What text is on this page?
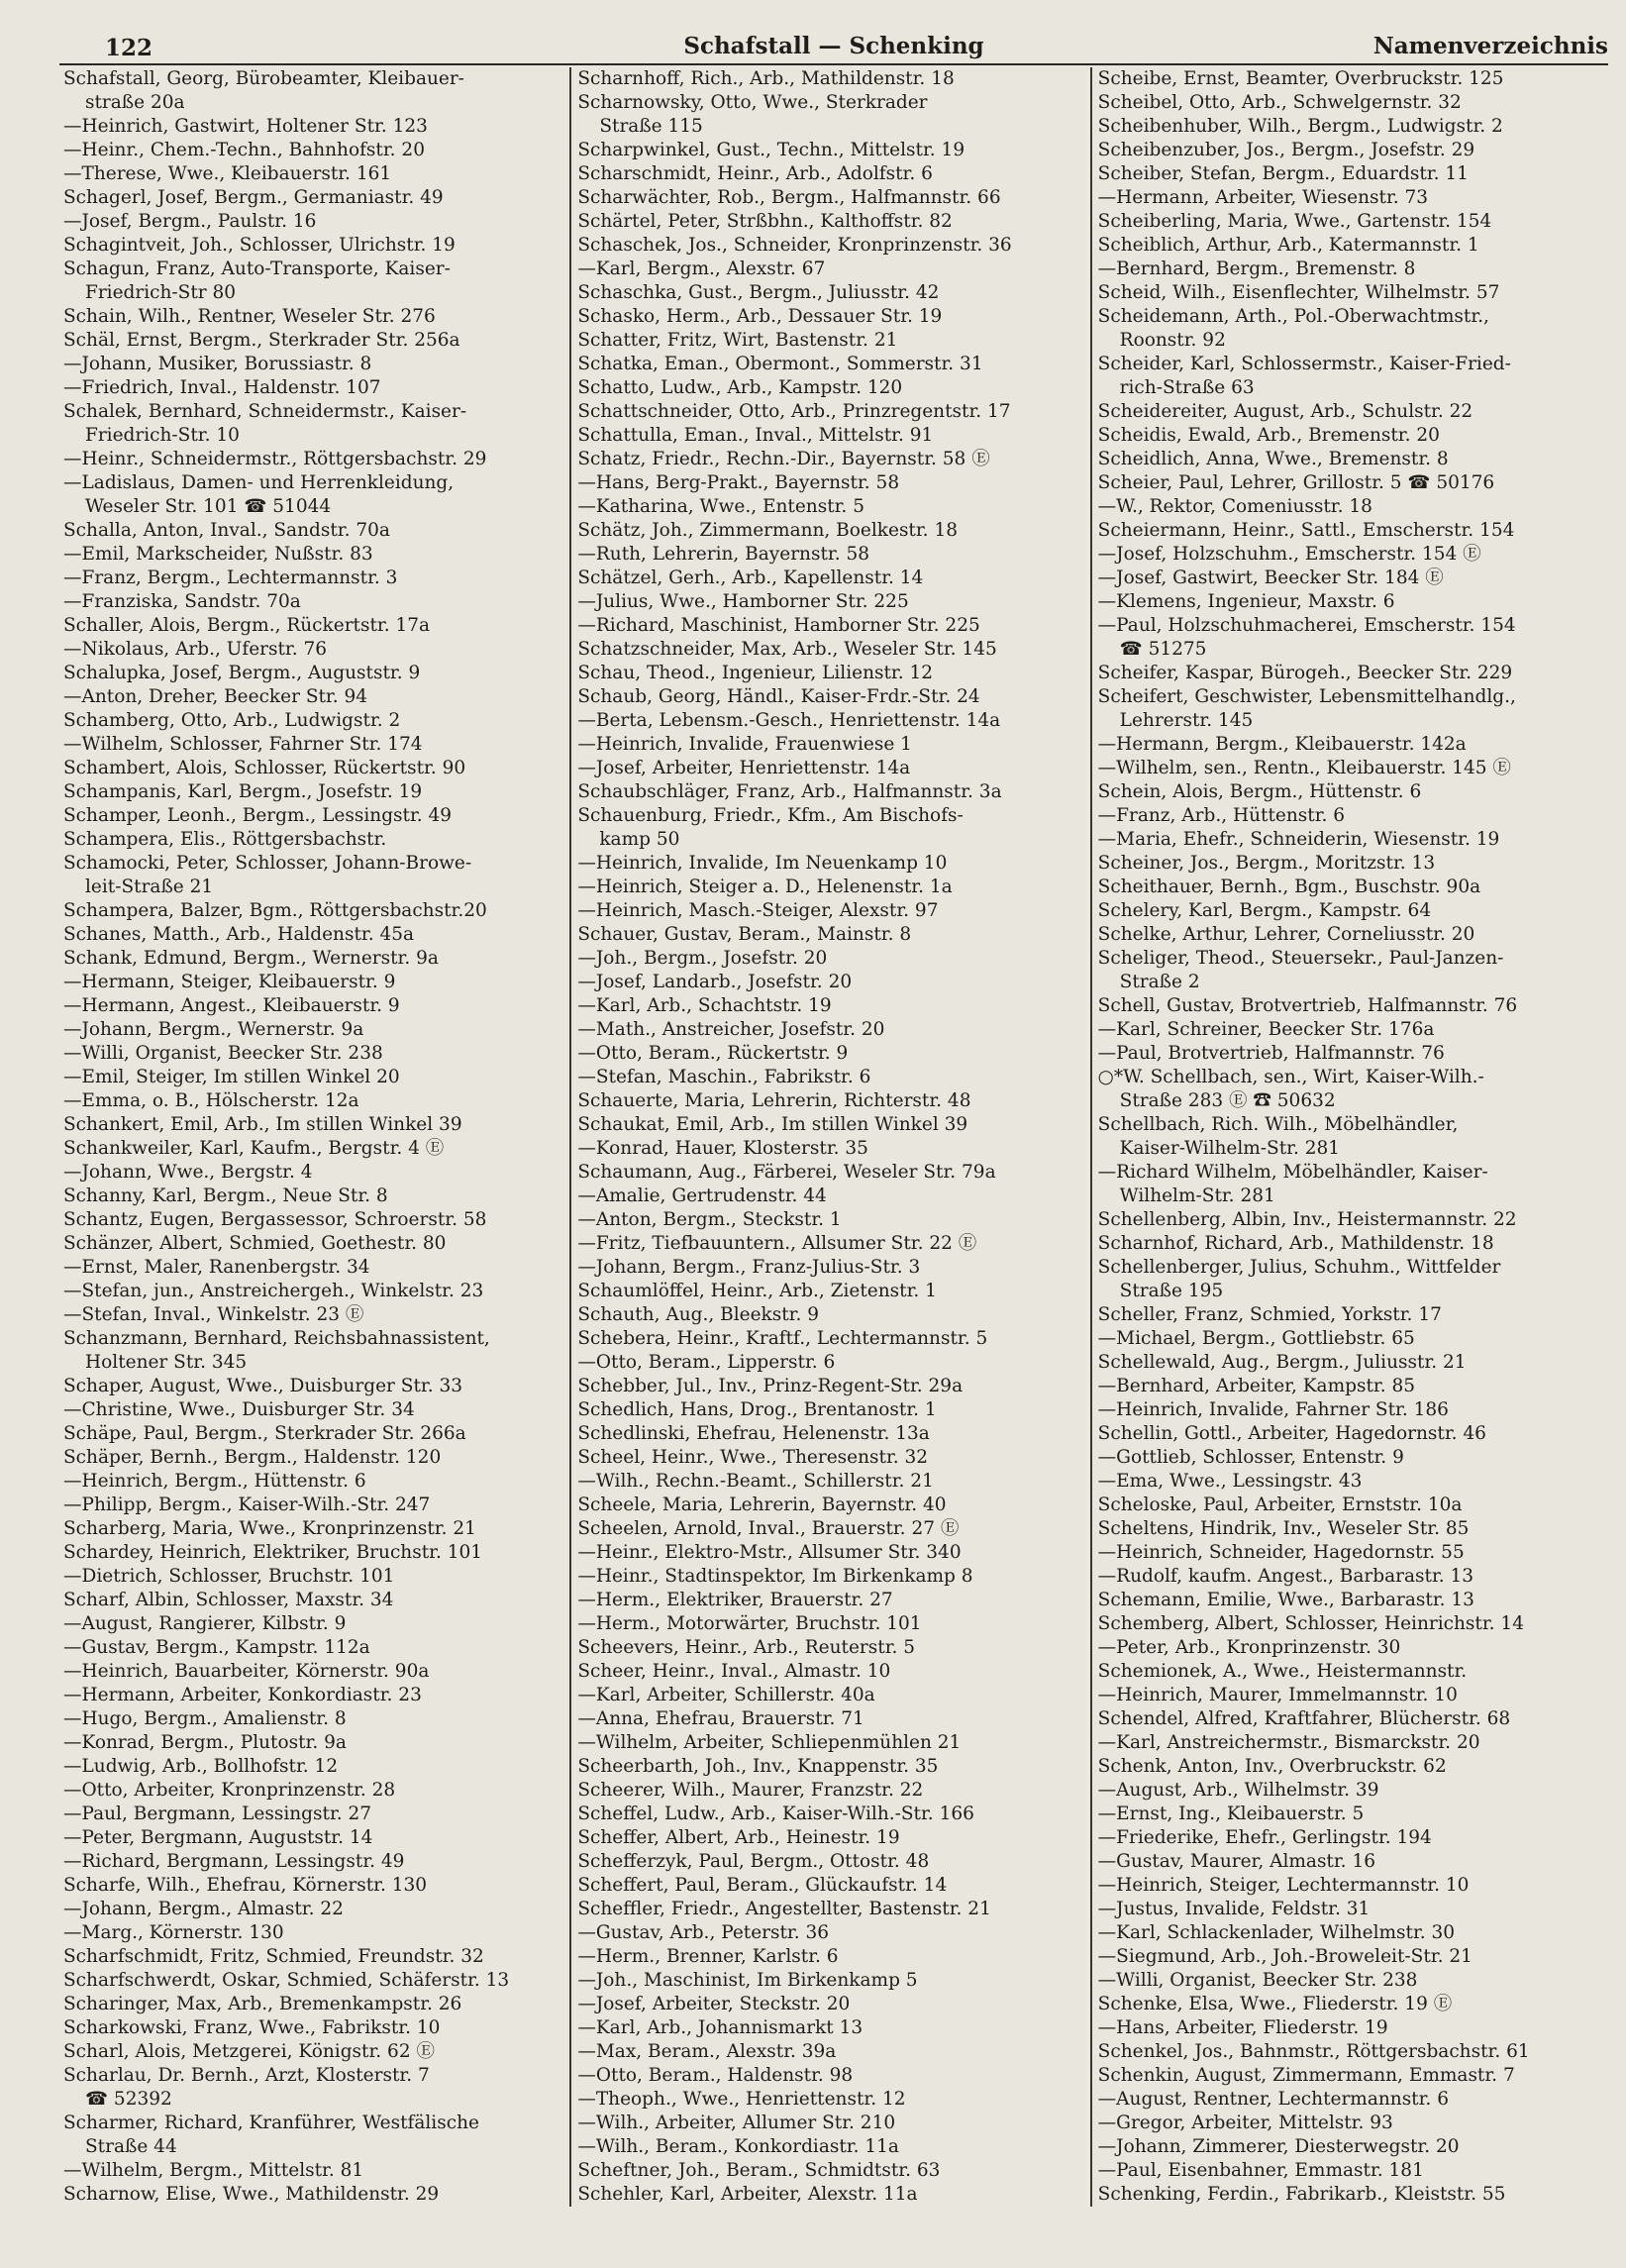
122	Schafstall — Schenking	Namenverzeichnis
Schafstall, Georg, Bürobeamter, Kleibauer-
straße 20a
—Heinrich, Gastwirt, Holtener Str. 123
—Heinr., Chem.-Techn., Bahnhofstr. 20
—Therese, Wwe., Kleibauerstr. 161
Schagerl, Josef, Bergm., Germaniastr. 49
—Josef, Bergm., Paulstr. 16
Schagintveit, Joh., Schlosser, Ulrichstr. 19
Schagun, Franz, Auto-Transporte, Kaiser-
Friedrich-Str 80
Schain, Wilh., Rentner, Weseler Str. 276
Schäl, Ernst, Bergm., Sterkrader Str. 256a
—Johann, Musiker, Borussiastr. 8
—Friedrich, Inval., Haldenstr. 107
Schalek, Bernhard, Schneidermstr., Kaiser-
Friedrich-Str. 10
—Heinr., Schneidermstr., Röttgersbachstr. 29
—Ladislaus, Damen- und Herrenkleidung,
Weseler Str. 101 ☎ 51044
Schalla, Anton, Inval., Sandstr. 70a
—Emil, Markscheider, Nußstr. 83
—Franz, Bergm., Lechtermannstr. 3
—Franziska, Sandstr. 70a
Schaller, Alois, Bergm., Rückertstr. 17a
—Nikolaus, Arb., Uferstr. 76
Schalupka, Josef, Bergm., Auguststr. 9
—Anton, Dreher, Beecker Str. 94
Schamberg, Otto, Arb., Ludwigstr. 2
—Wilhelm, Schlosser, Fahrner Str. 174
Schambert, Alois, Schlosser, Rückertstr. 90
Schampanis, Karl, Bergm., Josefstr. 19
Schamper, Leonh., Bergm., Lessingstr. 49
Schampera, Elis., Röttgersbachstr.
Schamocki, Peter, Schlosser, Johann-Browe-
leit-Straße 21
Schampera, Balzer, Bgm., Röttgersbachstr.20
Schanes, Matth., Arb., Haldenstr. 45a
Schank, Edmund, Bergm., Wernerstr. 9a
—Hermann, Steiger, Kleibauerstr. 9
—Hermann, Angest., Kleibauerstr. 9
—Johann, Bergm., Wernerstr. 9a
—Willi, Organist, Beecker Str. 238
—Emil, Steiger, Im stillen Winkel 20
—Emma, o. B., Hölscherstr. 12a
Schankert, Emil, Arb., Im stillen Winkel 39
Schankweiler, Karl, Kaufm., Bergstr. 4 Ⓔ
—Johann, Wwe., Bergstr. 4
Schanny, Karl, Bergm., Neue Str. 8
Schantz, Eugen, Bergassessor, Schroerstr. 58
Schänzer, Albert, Schmied, Goethestr. 80
—Ernst, Maler, Ranenbergstr. 34
—Stefan, jun., Anstreichergeh., Winkelstr. 23
—Stefan, Inval., Winkelstr. 23 Ⓔ
Schanzmann, Bernhard, Reichsbahnassistent,
Holtener Str. 345
Schaper, August, Wwe., Duisburger Str. 33
—Christine, Wwe., Duisburger Str. 34
Schäpe, Paul, Bergm., Sterkrader Str. 266a
Schäper, Bernh., Bergm., Haldenstr. 120
—Heinrich, Bergm., Hüttenstr. 6
—Philipp, Bergm., Kaiser-Wilh.-Str. 247
Scharberg, Maria, Wwe., Kronprinzenstr. 21
Schardey, Heinrich, Elektriker, Bruchstr. 101
—Dietrich, Schlosser, Bruchstr. 101
Scharf, Albin, Schlosser, Maxstr. 34
—August, Rangierer, Kilbstr. 9
—Gustav, Bergm., Kampstr. 112a
—Heinrich, Bauarbeiter, Körnerstr. 90a
—Hermann, Arbeiter, Konkordiastr. 23
—Hugo, Bergm., Amalienstr. 8
—Konrad, Bergm., Plutostr. 9a
—Ludwig, Arb., Bollhofstr. 12
—Otto, Arbeiter, Kronprinzenstr. 28
—Paul, Bergmann, Lessingstr. 27
—Peter, Bergmann, Auguststr. 14
—Richard, Bergmann, Lessingstr. 49
Scharfe, Wilh., Ehefrau, Körnerstr. 130
—Johann, Bergm., Almastr. 22
—Marg., Körnerstr. 130
Scharfschmidt, Fritz, Schmied, Freundstr. 32
Scharfschwerdt, Oskar, Schmied, Schäferstr. 13
Scharinger, Max, Arb., Bremenkampstr. 26
Scharkowski, Franz, Wwe., Fabrikstr. 10
Scharl, Alois, Metzgerei, Königstr. 62 Ⓔ
Scharlau, Dr. Bernh., Arzt, Klosterstr. 7
☎ 52392
Scharmer, Richard, Kranführer, Westfälische
Straße 44
—Wilhelm, Bergm., Mittelstr. 81
Scharnow, Elise, Wwe., Mathildenstr. 29
Scharnhoff, Rich., Arb., Mathildenstr. 18
Scharnowsky, Otto, Wwe., Sterkrader
Straße 115
Scharpwinkel, Gust., Techn., Mittelstr. 19
Scharschmidt, Heinr., Arb., Adolfstr. 6
Scharwächter, Rob., Bergm., Halfmannstr. 66
Schärtel, Peter, Strßbhn., Kalthoffstr. 82
Schaschek, Jos., Schneider, Kronprinzenstr. 36
—Karl, Bergm., Alexstr. 67
Schaschka, Gust., Bergm., Juliusstr. 42
Schasko, Herm., Arb., Dessauer Str. 19
Schatter, Fritz, Wirt, Bastenstr. 21
Schatka, Eman., Obermont., Sommerstr. 31
Schatto, Ludw., Arb., Kampstr. 120
Schattschneider, Otto, Arb., Prinzregentstr. 17
Schattulla, Eman., Inval., Mittelstr. 91
Schatz, Friedr., Rechn.-Dir., Bayernstr. 58 Ⓔ
—Hans, Berg-Prakt., Bayernstr. 58
—Katharina, Wwe., Entenstr. 5
Schätz, Joh., Zimmermann, Boelkestr. 18
—Ruth, Lehrerin, Bayernstr. 58
Schätzel, Gerh., Arb., Kapellenstr. 14
—Julius, Wwe., Hamborner Str. 225
—Richard, Maschinist, Hamborner Str. 225
Schatzschneider, Max, Arb., Weseler Str. 145
Schau, Theod., Ingenieur, Lilienstr. 12
Schaub, Georg, Händl., Kaiser-Frdr.-Str. 24
—Berta, Lebensm.-Gesch., Henriettenstr. 14a
—Heinrich, Invalide, Frauenwiese 1
—Josef, Arbeiter, Henriettenstr. 14a
Schaubschläger, Franz, Arb., Halfmannstr. 3a
Schauenburg, Friedr., Kfm., Am Bischofs-
kamp 50
—Heinrich, Invalide, Im Neuenkamp 10
—Heinrich, Steiger a. D., Helenenstr. 1a
—Heinrich, Masch.-Steiger, Alexstr. 97
Schauer, Gustav, Beram., Mainstr. 8
—Joh., Bergm., Josefstr. 20
—Josef, Landarb., Josefstr. 20
—Karl, Arb., Schachtstr. 19
—Math., Anstreicher, Josefstr. 20
—Otto, Beram., Rückertstr. 9
—Stefan, Maschin., Fabrikstr. 6
Schauerte, Maria, Lehrerin, Richterstr. 48
Schaukat, Emil, Arb., Im stillen Winkel 39
—Konrad, Hauer, Klosterstr. 35
Schaumann, Aug., Färberei, Weseler Str. 79a
—Amalie, Gertrudenstr. 44
—Anton, Bergm., Steckstr. 1
—Fritz, Tiefbauuntern., Allsumer Str. 22 Ⓔ
—Johann, Bergm., Franz-Julius-Str. 3
Schaumlöffel, Heinr., Arb., Zietenstr. 1
Schauth, Aug., Bleekstr. 9
Schebera, Heinr., Kraftf., Lechtermannstr. 5
—Otto, Beram., Lipperstr. 6
Schebber, Jul., Inv., Prinz-Regent-Str. 29a
Schedlich, Hans, Drog., Brentanostr. 1
Schedlinski, Ehefrau, Helenenstr. 13a
Scheel, Heinr., Wwe., Theresenstr. 32
—Wilh., Rechn.-Beamt., Schillerstr. 21
Scheele, Maria, Lehrerin, Bayernstr. 40
Scheelen, Arnold, Inval., Brauerstr. 27 Ⓔ
—Heinr., Elektro-Mstr., Allsumer Str. 340
—Heinr., Stadtinspektor, Im Birkenkamp 8
—Herm., Elektriker, Brauerstr. 27
—Herm., Motorwärter, Bruchstr. 101
Scheevers, Heinr., Arb., Reuterstr. 5
Scheer, Heinr., Inval., Almastr. 10
—Karl, Arbeiter, Schillerstr. 40a
—Anna, Ehefrau, Brauerstr. 71
—Wilhelm, Arbeiter, Schliepenmühlen 21
Scheerbarth, Joh., Inv., Knappenstr. 35
Scheerer, Wilh., Maurer, Franzstr. 22
Scheffel, Ludw., Arb., Kaiser-Wilh.-Str. 166
Scheffer, Albert, Arb., Heinestr. 19
Schefferzyk, Paul, Bergm., Ottostr. 48
Scheffert, Paul, Beram., Glückaufstr. 14
Scheffler, Friedr., Angestellter, Bastenstr. 21
—Gustav, Arb., Peterstr. 36
—Herm., Brenner, Karlstr. 6
—Joh., Maschinist, Im Birkenkamp 5
—Josef, Arbeiter, Steckstr. 20
—Karl, Arb., Johannismarkt 13
—Max, Beram., Alexstr. 39a
—Otto, Beram., Haldenstr. 98
—Theoph., Wwe., Henriettenstr. 12
—Wilh., Arbeiter, Allumer Str. 210
—Wilh., Beram., Konkordiastr. 11a
Scheftner, Joh., Beram., Schmidtstr. 63
Schehler, Karl, Arbeiter, Alexstr. 11a
Scheibe, Ernst, Beamter, Overbruckstr. 125
Scheibel, Otto, Arb., Schwelgernstr. 32
Scheibenhuber, Wilh., Bergm., Ludwigstr. 2
Scheibenzuber, Jos., Bergm., Josefstr. 29
Scheiber, Stefan, Bergm., Eduardstr. 11
—Hermann, Arbeiter, Wiesenstr. 73
Scheiberling, Maria, Wwe., Gartenstr. 154
Scheiblich, Arthur, Arb., Katermannstr. 1
—Bernhard, Bergm., Bremenstr. 8
Scheid, Wilh., Eisenflechter, Wilhelmstr. 57
Scheidemann, Arth., Pol.-Oberwachtmstr.,
Roonstr. 92
Scheider, Karl, Schlossermstr., Kaiser-Fried-
rich-Straße 63
Scheidereiter, August, Arb., Schulstr. 22
Scheidis, Ewald, Arb., Bremenstr. 20
Scheidlich, Anna, Wwe., Bremenstr. 8
Scheier, Paul, Lehrer, Grillostr. 5 ☎ 50176
—W., Rektor, Comeniusstr. 18
Scheiermann, Heinr., Sattl., Emscherstr. 154
—Josef, Holzschuhm., Emscherstr. 154 Ⓔ
—Josef, Gastwirt, Beecker Str. 184 Ⓔ
—Klemens, Ingenieur, Maxstr. 6
—Paul, Holzschuhmacherei, Emscherstr. 154
☎ 51275
Scheifer, Kaspar, Bürogeh., Beecker Str. 229
Scheifert, Geschwister, Lebensmittelhandlg.,
Lehrerstr. 145
—Hermann, Bergm., Kleibauerstr. 142a
—Wilhelm, sen., Rentn., Kleibauerstr. 145 Ⓔ
Schein, Alois, Bergm., Hüttenstr. 6
—Franz, Arb., Hüttenstr. 6
—Maria, Ehefr., Schneiderin, Wiesenstr. 19
Scheiner, Jos., Bergm., Moritzstr. 13
Scheithauer, Bernh., Bgm., Buschstr. 90a
Schelery, Karl, Bergm., Kampstr. 64
Schelke, Arthur, Lehrer, Corneliusstr. 20
Scheliger, Theod., Steuersekr., Paul-Janzen-
Straße 2
Schell, Gustav, Brotvertrieb, Halfmannstr. 76
—Karl, Schreiner, Beecker Str. 176a
—Paul, Brotvertrieb, Halfmannstr. 76
○*W. Schellbach, sen., Wirt, Kaiser-Wilh.-
Straße 283 Ⓔ ☎ 50632
Schellbach, Rich. Wilh., Möbelhändler,
Kaiser-Wilhelm-Str. 281
—Richard Wilhelm, Möbelhändler, Kaiser-
Wilhelm-Str. 281
Schellenberg, Albin, Inv., Heistermannstr. 22
Scharnhof, Richard, Arb., Mathildenstr. 18
Schellenberger, Julius, Schuhm., Wittfelder
Straße 195
Scheller, Franz, Schmied, Yorkstr. 17
—Michael, Bergm., Gottliebstr. 65
Schellewald, Aug., Bergm., Juliusstr. 21
—Bernhard, Arbeiter, Kampstr. 85
—Heinrich, Invalide, Fahrner Str. 186
Schellin, Gottl., Arbeiter, Hagedornstr. 46
—Gottlieb, Schlosser, Entenstr. 9
—Ema, Wwe., Lessingstr. 43
Scheloske, Paul, Arbeiter, Ernststr. 10a
Scheltens, Hindrik, Inv., Weseler Str. 85
—Heinrich, Schneider, Hagedornstr. 55
—Rudolf, kaufm. Angest., Barbarastr. 13
Schemann, Emilie, Wwe., Barbarastr. 13
Schemberg, Albert, Schlosser, Heinrichstr. 14
—Peter, Arb., Kronprinzenstr. 30
Schemionek, A., Wwe., Heistermannstr.
—Heinrich, Maurer, Immelmannstr. 10
Schendel, Alfred, Kraftfahrer, Blücherstr. 68
—Karl, Anstreichermstr., Bismarckstr. 20
Schenk, Anton, Inv., Overbruckstr. 62
—August, Arb., Wilhelmstr. 39
—Ernst, Ing., Kleibauerstr. 5
—Friederike, Ehefr., Gerlingstr. 194
—Gustav, Maurer, Almastr. 16
—Heinrich, Steiger, Lechtermannstr. 10
—Justus, Invalide, Feldstr. 31
—Karl, Schlackenlader, Wilhelmstr. 30
—Siegmund, Arb., Joh.-Broweleit-Str. 21
—Willi, Organist, Beecker Str. 238
Schenke, Elsa, Wwe., Fliederstr. 19 Ⓔ
—Hans, Arbeiter, Fliederstr. 19
Schenkel, Jos., Bahnmstr., Röttgersbachstr. 61
Schenkin, August, Zimmermann, Emmastr. 7
—August, Rentner, Lechtermannstr. 6
—Gregor, Arbeiter, Mittelstr. 93
—Johann, Zimmerer, Diesterwegstr. 20
—Paul, Eisenbahner, Emmastr. 181
Schenking, Ferdin., Fabrikarb., Kleiststr. 55
